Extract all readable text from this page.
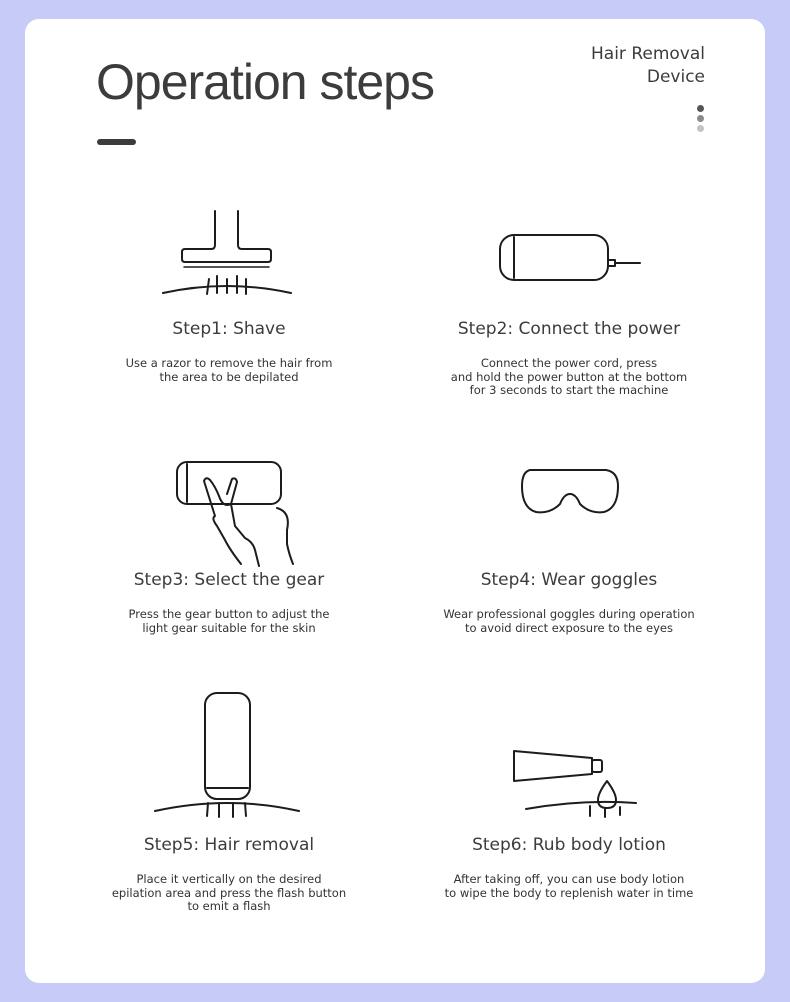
Operation steps	Hair Removal
Device

Step1: Shave

Use a razor to remove the hair from
the area to be depilated

Step2: Connect the power

Connect the power cord, press
and hold the power button at the bottom
for 3 seconds to start the machine

Step3: Select the gear

Press the gear button to adjust the
light gear suitable for the skin

Step4: Wear goggles

Wear professional goggles during operation
to avoid direct exposure to the eyes

Step5: Hair removal

Place it vertically on the desired
epilation area and press the flash button
to emit a flash

Step6: Rub body lotion

After taking off, you can use body lotion
to wipe the body to replenish water in time
